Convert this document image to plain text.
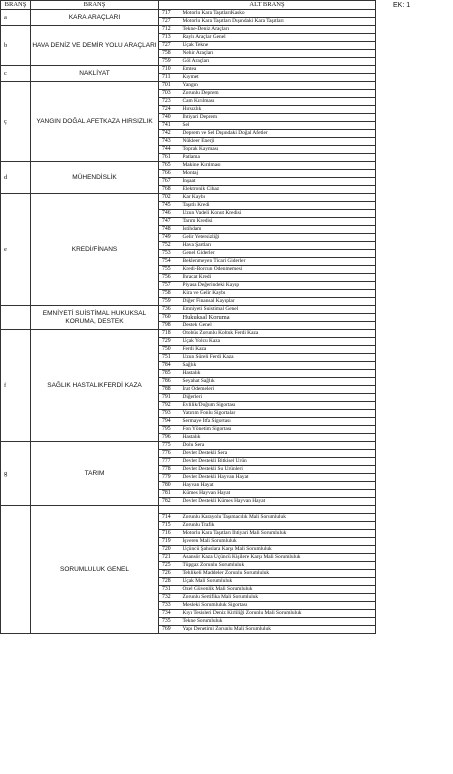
EK: 1
BRANŞ	BRANŞ	ALT BRANŞ	
a	KARA ARAÇLARI	717	Motorlu Kara TaşıtlarıKasko
		727	Motorlu Kara Taşıtları Dışındaki Kara Taşıtları
b	HAVA DENİZ VE DEMİR YOLU ARAÇLARI	712	Tekne-Deniz Araçları
		713	Raylı Araçlar Genel
		727	Uçak Tekne
		758	Nehir Araçları
		759	Göl Araçları
c	NAKLİYAT	710	Emtea
		711	Kıymet
ç	YANGIN DOĞAL AFETKAZA HIRSIZLIK	701	Yangın
		703	Zorunlu Deprem
		723	Cam Kırılması
		724	Hırsızlık
		740	İhtiyari Deprem
		741	Sel
		742	Deprem ve Sel Dışındaki Doğal Afetler
		743	Nükleer Enerji
		744	Toprak Kayması
		761	Patlama
d	MÜHENDİSLİK	765	Makine Kırılması
		766	Montaj
		767	İnşaat
		768	Elektronik Cihaz
e	KREDİ/FİNANS	702	Kar Kaybı
		745	Taşıtlı Kredi
		746	Uzun Vadeli Konut Kredisi
		747	Tarım Kredisi
		748	İstihdam
		749	Gelir Yetersizliği
		752	Hava Şartları
		753	Genel Giderler
		754	Beklenmeyen Ticari Giderler
		755	Kredi-Borcun Ödenmemesi
		756	İhracat Kredi
		757	Piyasa Değerindeki Kayıp
		758	Kira ve Gelir Kaybı
		759	Diğer Finansal Kayıplar
	EMNİYETİ SUİSTİMAL HUKUKSAL KORUMA, DESTEK	736	Emniyeti Suistimal Genel
		760	Hukuksal Koruma
		798	Destek Genel
f	SAĞLIK HASTALIKFERDİ KAZA	718	Otobüs Zorunlu Koltuk Ferdi Kaza
		729	Uçak Yolcu Kaza
		750	Ferdi Kaza
		751	Uzun Süreli Ferdi Kaza
		784	Sağlık
		785	Hastalık
		786	Seyahat Sağlık
		788	İrat Ödemeleri
		791	Diğerleri
		792	Evlilik/Doğum Sigortası
		793	Yatırım Fonlu Sigortalar
		794	Sermaye İtfa Sigortası
		795	Fon Yönetim Sigortası
		796	Hastalık
g	TARIM	775	Dolu Sera
		776	Devlet Destekli Sera
		777	Devlet Destekli Bitkisel Ürün
		778	Devlet Destekli Su Ürünleri
		779	Devlet Destekli Hayvan Hayat
		780	Hayvan Hayat
		781	Kümes Hayvan Hayat
		782	Devlet Destekli Kümes Hayvan Hayat
	SORUMLULUK GENEL		
		714	Zorunlu Karayolu Taşımacılık Mali Sorumluluk
		715	Zorunlu Trafik
		716	Motorlu Kara Taşıtları İhtiyari Mali Sorumluluk
		719	İşveren Mali Sorumluluk
		720	Üçüncü Şahıslara Karşı Mali Sorumluluk
		721	Asansör Kaza Üçüncü Kişilere Karşı Mali Sorumluluk
		725	Tüpgaz Zorunlu Sorumluluk
		726	Tehlikeli Maddeler Zorunlu Sorumluluk
		728	Uçak Mali Sorumluluk
		731	Özel Güvenlik Mali Sorumluluk
		732	Zorunlu Sertifika Mali Sorumluluk
		733	Mesleki Sorumluluk Sigortası
		734	Kıyı Tesisleri Deniz Kirliliği Zorunlu Mali Sorumluluk
		735	Tekne Sorumluluk
		769	Yapı Denetimi Zorunlu Mali Sorumluluk
